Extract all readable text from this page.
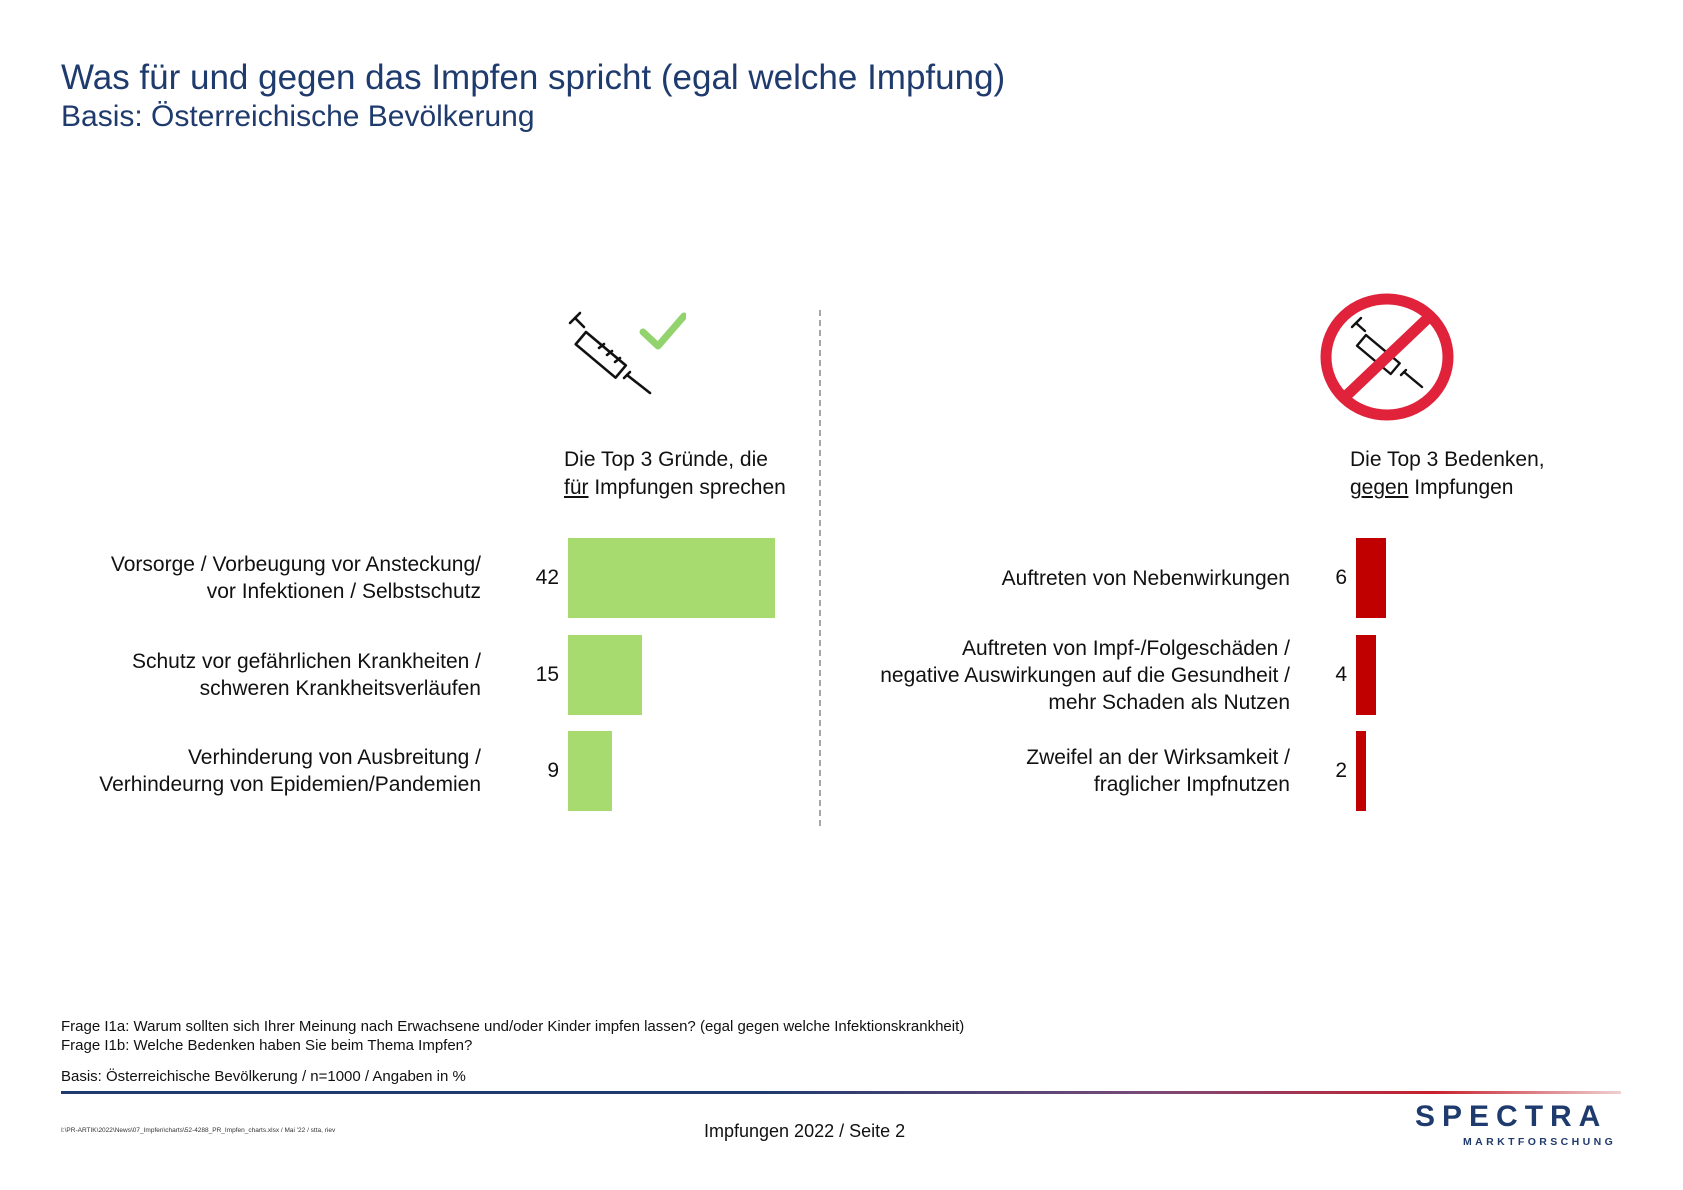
Was für und gegen das Impfen spricht (egal welche Impfung)
Basis: Österreichische Bevölkerung
Die Top 3 Gründe, die
für Impfungen sprechen
Die Top 3 Bedenken,
gegen Impfungen
Vorsorge / Vorbeugung vor Ansteckung/
vor Infektionen / Selbstschutz
Schutz vor gefährlichen Krankheiten /
schweren Krankheitsverläufen
Verhinderung von Ausbreitung /
Verhindeurng von Epidemien/Pandemien
42
15
9
Auftreten von Nebenwirkungen
Auftreten von Impf-/Folgeschäden /
negative Auswirkungen auf die Gesundheit /
mehr Schaden als Nutzen
Zweifel an der Wirksamkeit /
fraglicher Impfnutzen
6
4
2
Frage I1a: Warum sollten sich Ihrer Meinung nach Erwachsene und/oder Kinder impfen lassen? (egal gegen welche Infektionskrankheit)
Frage I1b: Welche Bedenken haben Sie beim Thema Impfen?
Basis: Österreichische Bevölkerung / n=1000 / Angaben in %
I:\PR-ARTIK\2022\News\07_Impfen\charts\52-4288_PR_Impfen_charts.xlsx / Mai '22 / stta, riev	Impfungen 2022 / Seite 2	SPECTRA
MARKTFORSCHUNG
